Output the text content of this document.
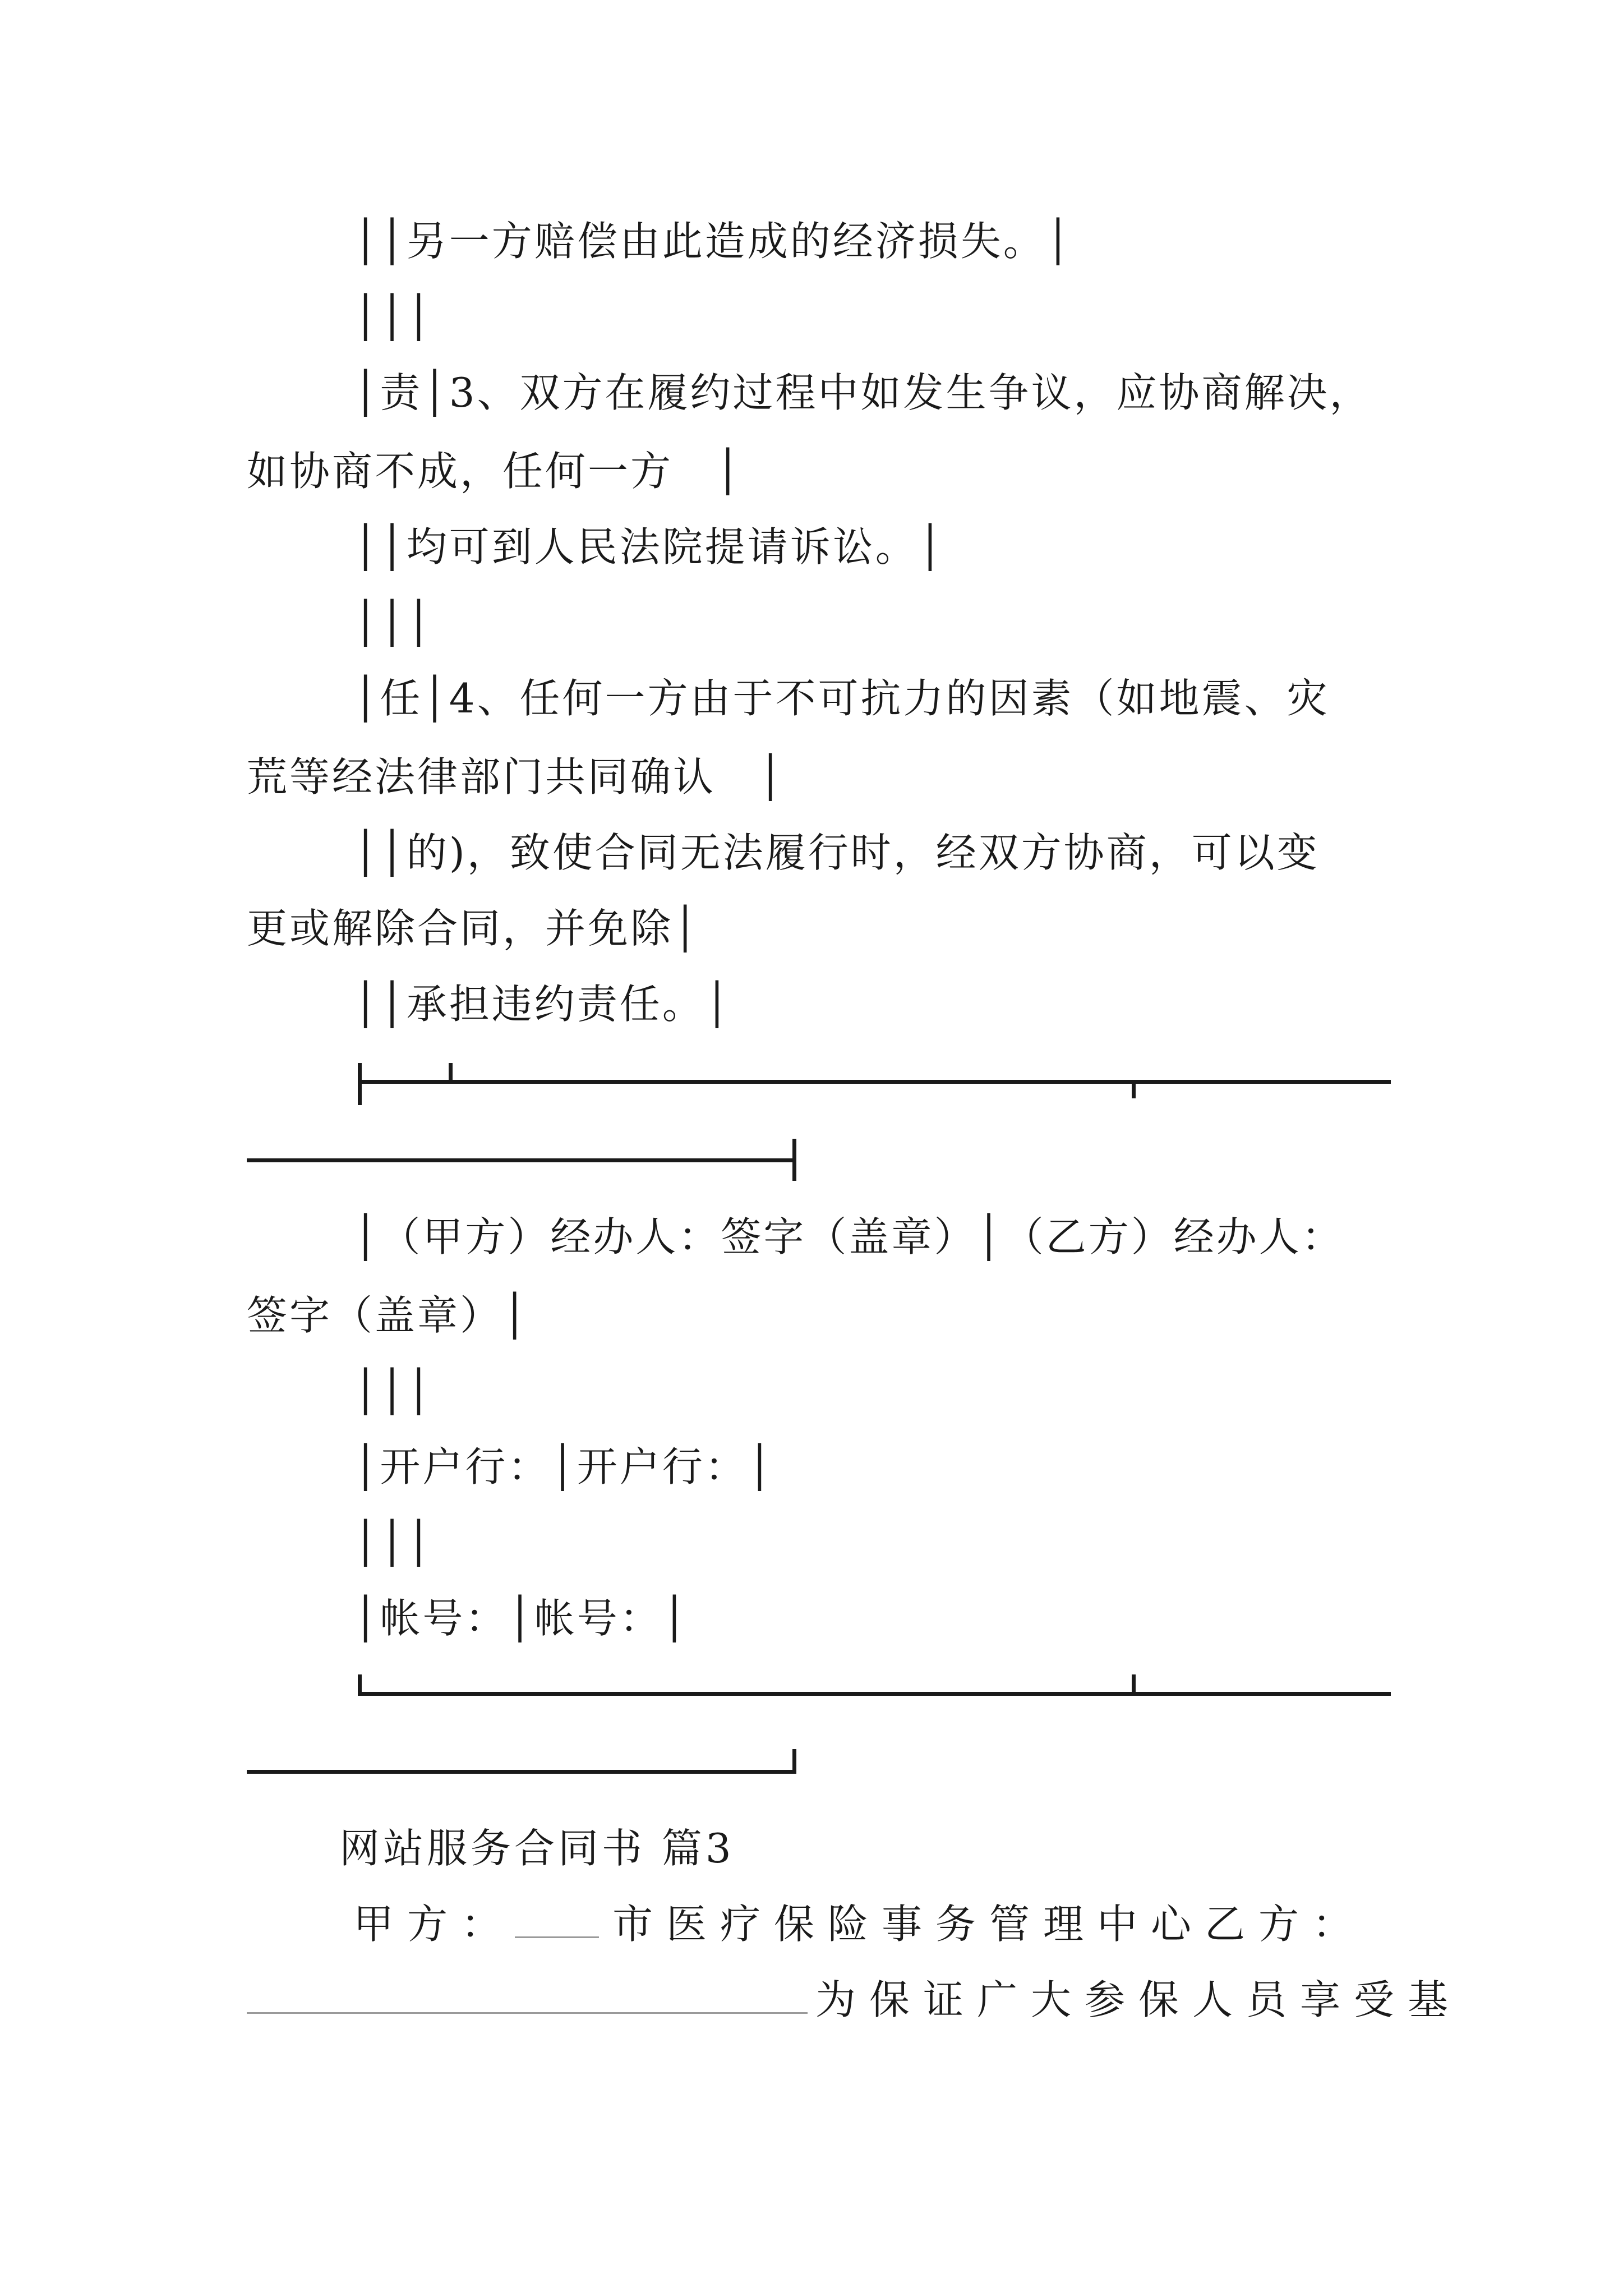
││另一方赔偿由此造成的经济损失。│
│││
│责│3、双方在履约过程中如发生争议，应协商解决，
如协商不成，任何一方　│
││均可到人民法院提请诉讼。│
│││
│任│4、任何一方由于不可抗力的因素（如地震、灾
荒等经法律部门共同确认　│
││的)，致使合同无法履行时，经双方协商，可以变
更或解除合同，并免除│
││承担违约责任。│
│（甲方）经办人：签字（盖章）│（乙方）经办人：
签字（盖章）│
│││
│开户行：│开户行：│
│││
│帐号：│帐号：│
网站服务合同书 篇3
甲方： 市医疗保险事务管理中心乙方：
为保证广大参保人员享受基
